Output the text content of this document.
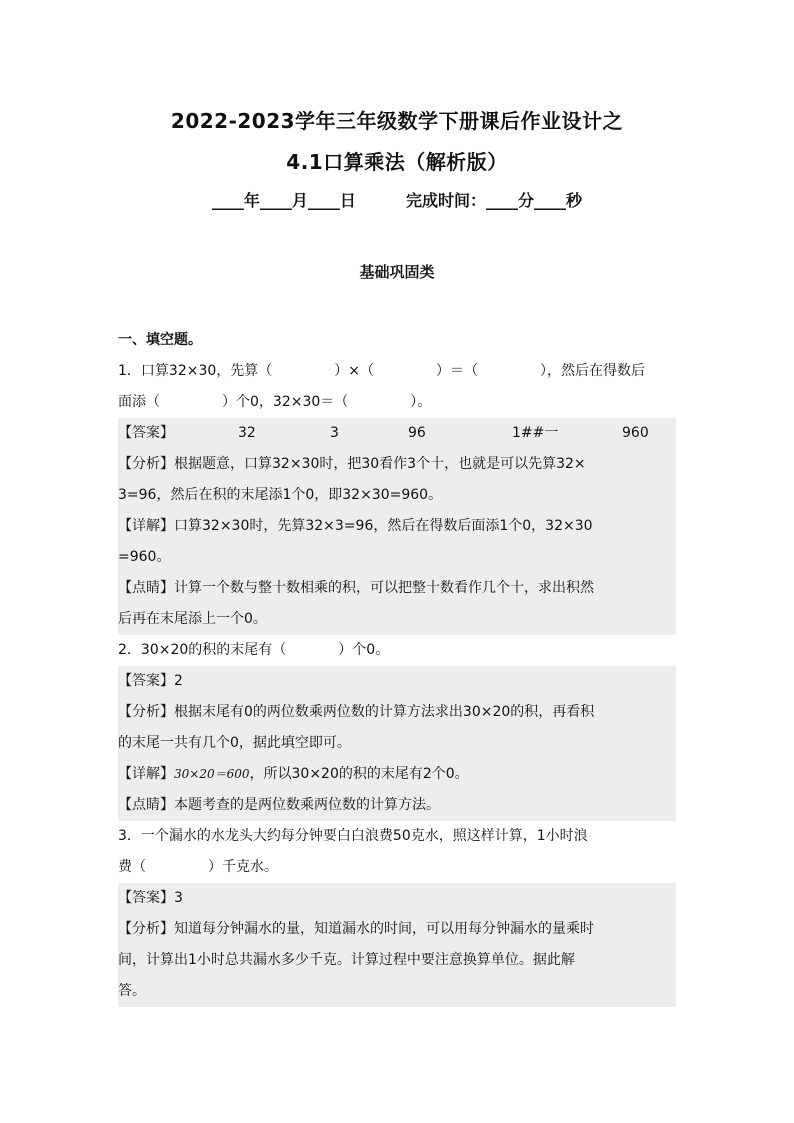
2022-2023学年三年级数学下册课后作业设计之
4.1口算乘法（解析版）
____年____月____日         完成时间：____分____秒
基础巩固类
一、填空题。
1．口算32×30，先算（	）×（	）＝（	），然后在得数后
面添（	）个0，32×30＝（	）。
【答案】	32	3	96	1##一	960
【分析】根据题意，口算32×30时，把30看作3个十，也就是可以先算32×
3=96，然后在积的末尾添1个0，即32×30=960。
【详解】口算32×30时，先算32×3=96，然后在得数后面添1个0，32×30
=960。
【点睛】计算一个数与整十数相乘的积，可以把整十数看作几个十，求出积然
后再在末尾添上一个0。
2．30×20的积的末尾有（	）个0。
【答案】2
【分析】根据末尾有0的两位数乘两位数的计算方法求出30×20的积，再看积
的末尾一共有几个0，据此填空即可。
【详解】30×20＝600，所以30×20的积的末尾有2个0。
【点睛】本题考查的是两位数乘两位数的计算方法。
3．一个漏水的水龙头大约每分钟要白白浪费50克水，照这样计算，1小时浪
费（	）千克水。
【答案】3
【分析】知道每分钟漏水的量，知道漏水的时间，可以用每分钟漏水的量乘时
间，计算出1小时总共漏水多少千克。计算过程中要注意换算单位。据此解
答。
